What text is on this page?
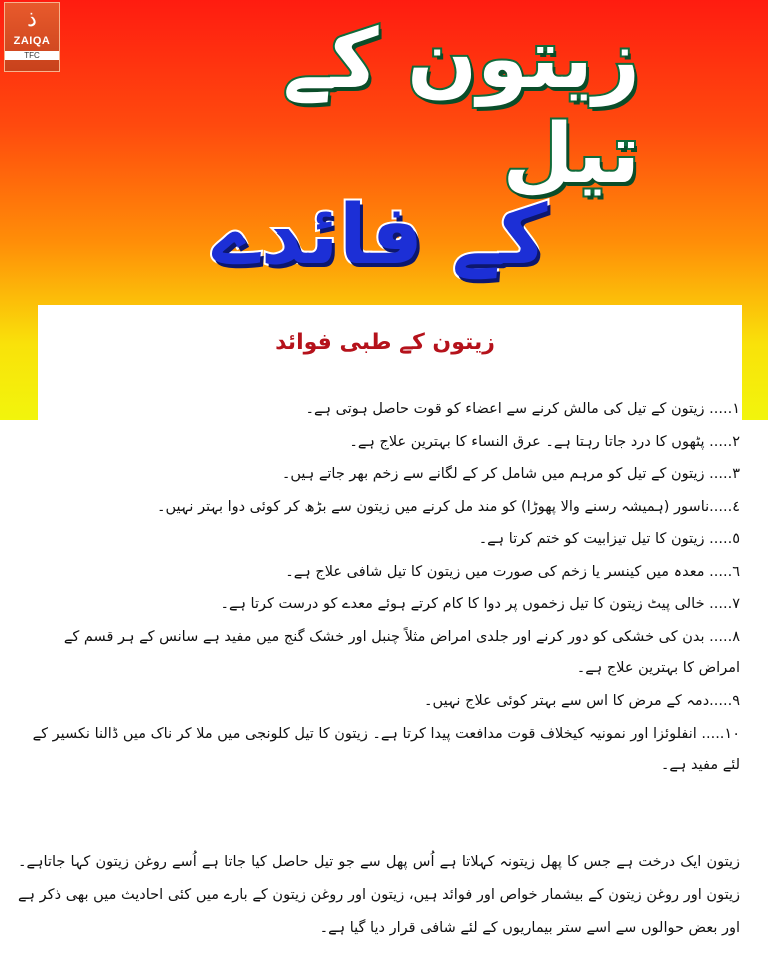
ذ
ZAIQA
TFC	زیتون کے تیل
کے فائدے
زیتون کے طبی فوائد
١..... زیتون کے تیل کی مالش کرنے سے اعضاء کو قوت حاصل ہوتی ہے۔
٢..... پٹھوں کا درد جاتا رہتا ہے۔ عرق النساء کا بہترین علاج ہے۔
٣..... زیتون کے تیل کو مرہم میں شامل کر کے لگانے سے زخم بھر جاتے ہیں۔
٤.....ناسور (ہمیشہ رسنے والا پھوڑا) کو مند مل کرنے میں زیتون سے بڑھ کر کوئی دوا بہتر نہیں۔
٥..... زیتون کا تیل تیزابیت کو ختم کرتا ہے۔
٦..... معدہ میں کینسر یا زخم کی صورت میں زیتون کا تیل شافی علاج ہے۔
٧..... خالی پیٹ زیتون کا تیل زخموں پر دوا کا کام کرتے ہوئے معدے کو درست کرتا ہے۔
٨..... بدن کی خشکی کو دور کرنے اور جلدی امراض مثلاً چنبل اور خشک گنج میں مفید ہے سانس کے ہر قسم کے امراض کا بہترین علاج ہے۔
٩.....دمہ کے مرض کا اس سے بہتر کوئی علاج نہیں۔
١٠..... انفلوئزا اور نمونیہ کیخلاف قوت مدافعت پیدا کرتا ہے۔ زیتون کا تیل کلونجی میں ملا کر ناک میں ڈالنا نکسیر کے لئے مفید ہے۔

زیتون ایک درخت ہے جس کا پھل زیتونہ کہلاتا ہے اُس پھل سے جو تیل حاصل کیا جاتا ہے اُسے روغن زیتون کہا جاتاہے۔زیتون اور روغن زیتون کے بیشمار خواص اور فوائد ہیں، زیتون اور روغن زیتون کے بارے میں کئی احادیث میں بھی ذکر ہے اور بعض حوالوں سے اسے ستر بیماریوں کے لئے شافی قرار دیا گیا ہے۔
